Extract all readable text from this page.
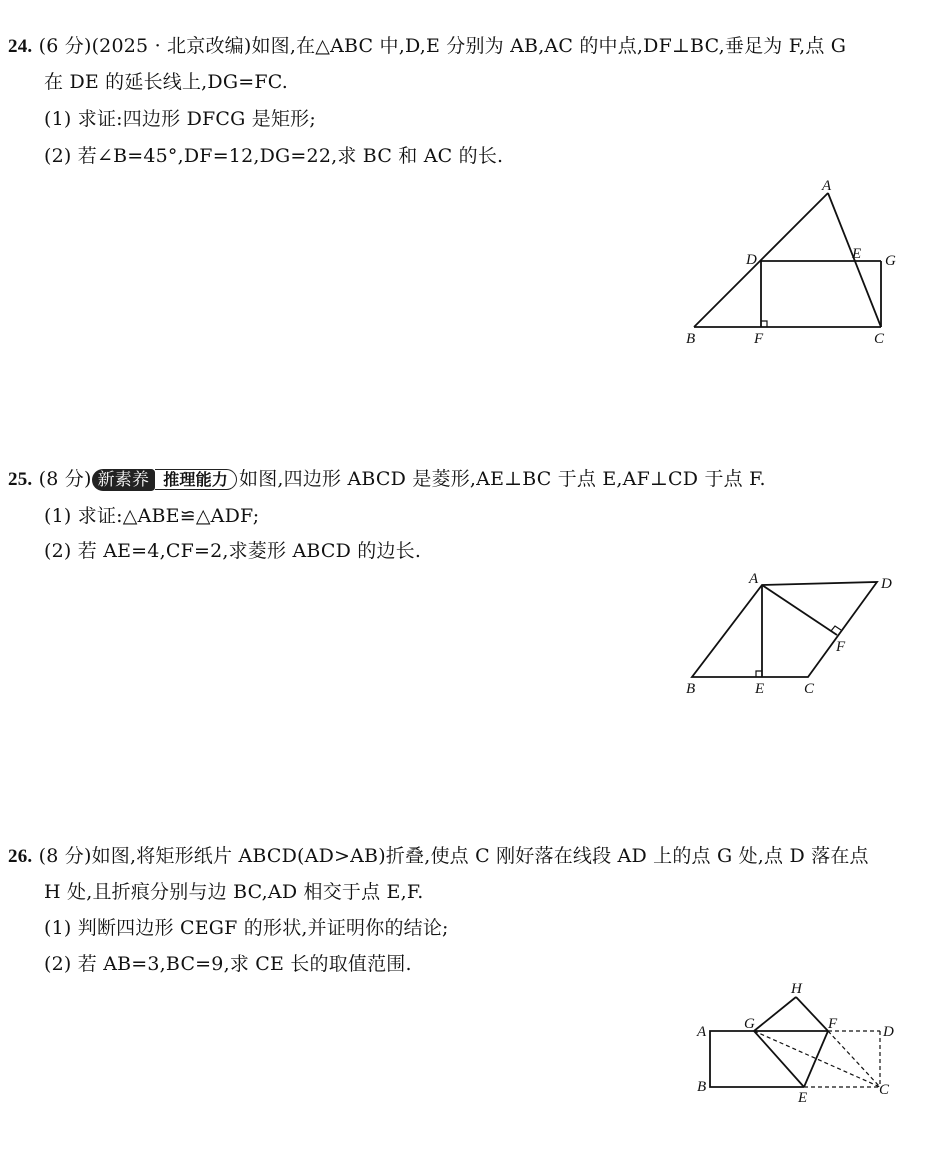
24. (6 分)(2025 · 北京改编)如图,在△ABC 中,D,E 分别为 AB,AC 的中点,DF⊥BC,垂足为 F,点 G
在 DE 的延长线上,DG=FC.
(1) 求证:四边形 DFCG 是矩形;
(2) 若∠B=45°,DF=12,DG=22,求 BC 和 AC 的长.
A
B	C
D	E
F
G
25. (8 分) 新素养 推理能力 如图,四边形 ABCD 是菱形,AE⊥BC 于点 E,AF⊥CD 于点 F.
(1) 求证:△ABE≌△ADF;
(2) 若 AE=4,CF=2,求菱形 ABCD 的边长.
A
B	C
D
E
F
26. (8 分)如图,将矩形纸片 ABCD(AD>AB)折叠,使点 C 刚好落在线段 AD 上的点 G 处,点 D 落在点
H 处,且折痕分别与边 BC,AD 相交于点 E,F.
(1) 判断四边形 CEGF 的形状,并证明你的结论;
(2) 若 AB=3,BC=9,求 CE 长的取值范围.
A
B	C
D
E
F
G
H
